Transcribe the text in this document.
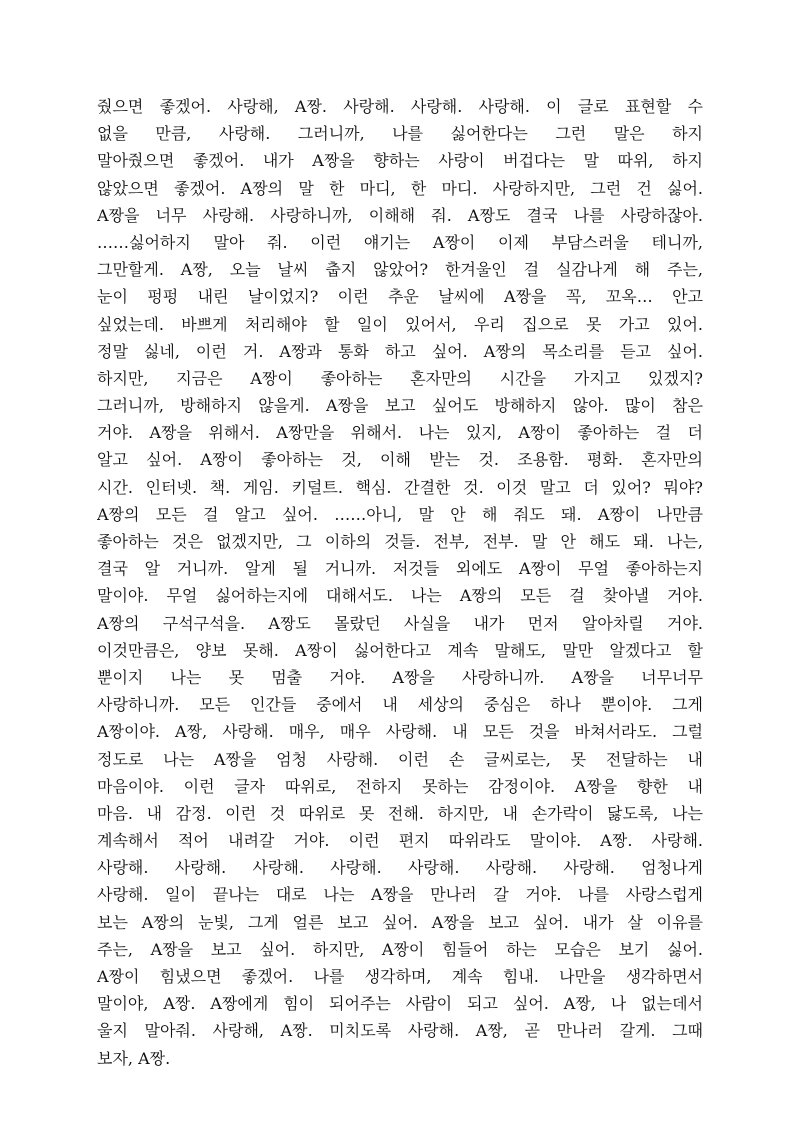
줬으면 좋겠어. 사랑해, A짱. 사랑해. 사랑해. 사랑해. 이 글로 표현할 수
없을 만큼, 사랑해. 그러니까, 나를 싫어한다는 그런 말은 하지
말아줬으면 좋겠어. 내가 A짱을 향하는 사랑이 버겁다는 말 따위, 하지
않았으면 좋겠어. A짱의 말 한 마디, 한 마디. 사랑하지만, 그런 건 싫어.
A짱을 너무 사랑해. 사랑하니까, 이해해 줘. A짱도 결국 나를 사랑하잖아.
……싫어하지 말아 줘. 이런 얘기는 A짱이 이제 부담스러울 테니까,
그만할게. A짱, 오늘 날씨 춥지 않았어? 한겨울인 걸 실감나게 해 주는,
눈이 펑펑 내린 날이었지? 이런 추운 날씨에 A짱을 꼭, 꼬옥… 안고
싶었는데. 바쁘게 처리해야 할 일이 있어서, 우리 집으로 못 가고 있어.
정말 싫네, 이런 거. A짱과 통화 하고 싶어. A짱의 목소리를 듣고 싶어.
하지만, 지금은 A짱이 좋아하는 혼자만의 시간을 가지고 있겠지?
그러니까, 방해하지 않을게. A짱을 보고 싶어도 방해하지 않아. 많이 참은
거야. A짱을 위해서. A짱만을 위해서. 나는 있지, A짱이 좋아하는 걸 더
알고 싶어. A짱이 좋아하는 것, 이해 받는 것. 조용함. 평화. 혼자만의
시간. 인터넷. 책. 게임. 키덜트. 핵심. 간결한 것. 이것 말고 더 있어? 뭐야?
A짱의 모든 걸 알고 싶어. ……아니, 말 안 해 줘도 돼. A짱이 나만큼
좋아하는 것은 없겠지만, 그 이하의 것들. 전부, 전부. 말 안 해도 돼. 나는,
결국 알 거니까. 알게 될 거니까. 저것들 외에도 A짱이 무얼 좋아하는지
말이야. 무얼 싫어하는지에 대해서도. 나는 A짱의 모든 걸 찾아낼 거야.
A짱의 구석구석을. A짱도 몰랐던 사실을 내가 먼저 알아차릴 거야.
이것만큼은, 양보 못해. A짱이 싫어한다고 계속 말해도, 말만 알겠다고 할
뿐이지 나는 못 멈출 거야. A짱을 사랑하니까. A짱을 너무너무
사랑하니까. 모든 인간들 중에서 내 세상의 중심은 하나 뿐이야. 그게
A짱이야. A짱, 사랑해. 매우, 매우 사랑해. 내 모든 것을 바쳐서라도. 그럴
정도로 나는 A짱을 엄청 사랑해. 이런 손 글씨로는, 못 전달하는 내
마음이야. 이런 글자 따위로, 전하지 못하는 감정이야. A짱을 향한 내
마음. 내 감정. 이런 것 따위로 못 전해. 하지만, 내 손가락이 닳도록, 나는
계속해서 적어 내려갈 거야. 이런 편지 따위라도 말이야. A짱. 사랑해.
사랑해. 사랑해. 사랑해. 사랑해. 사랑해. 사랑해. 사랑해. 엄청나게
사랑해. 일이 끝나는 대로 나는 A짱을 만나러 갈 거야. 나를 사랑스럽게
보는 A짱의 눈빛, 그게 얼른 보고 싶어. A짱을 보고 싶어. 내가 살 이유를
주는, A짱을 보고 싶어. 하지만, A짱이 힘들어 하는 모습은 보기 싫어.
A짱이 힘냈으면 좋겠어. 나를 생각하며, 계속 힘내. 나만을 생각하면서
말이야, A짱. A짱에게 힘이 되어주는 사람이 되고 싶어. A짱, 나 없는데서
울지 말아줘. 사랑해, A짱. 미치도록 사랑해. A짱, 곧 만나러 갈게. 그때
보자, A짱.
